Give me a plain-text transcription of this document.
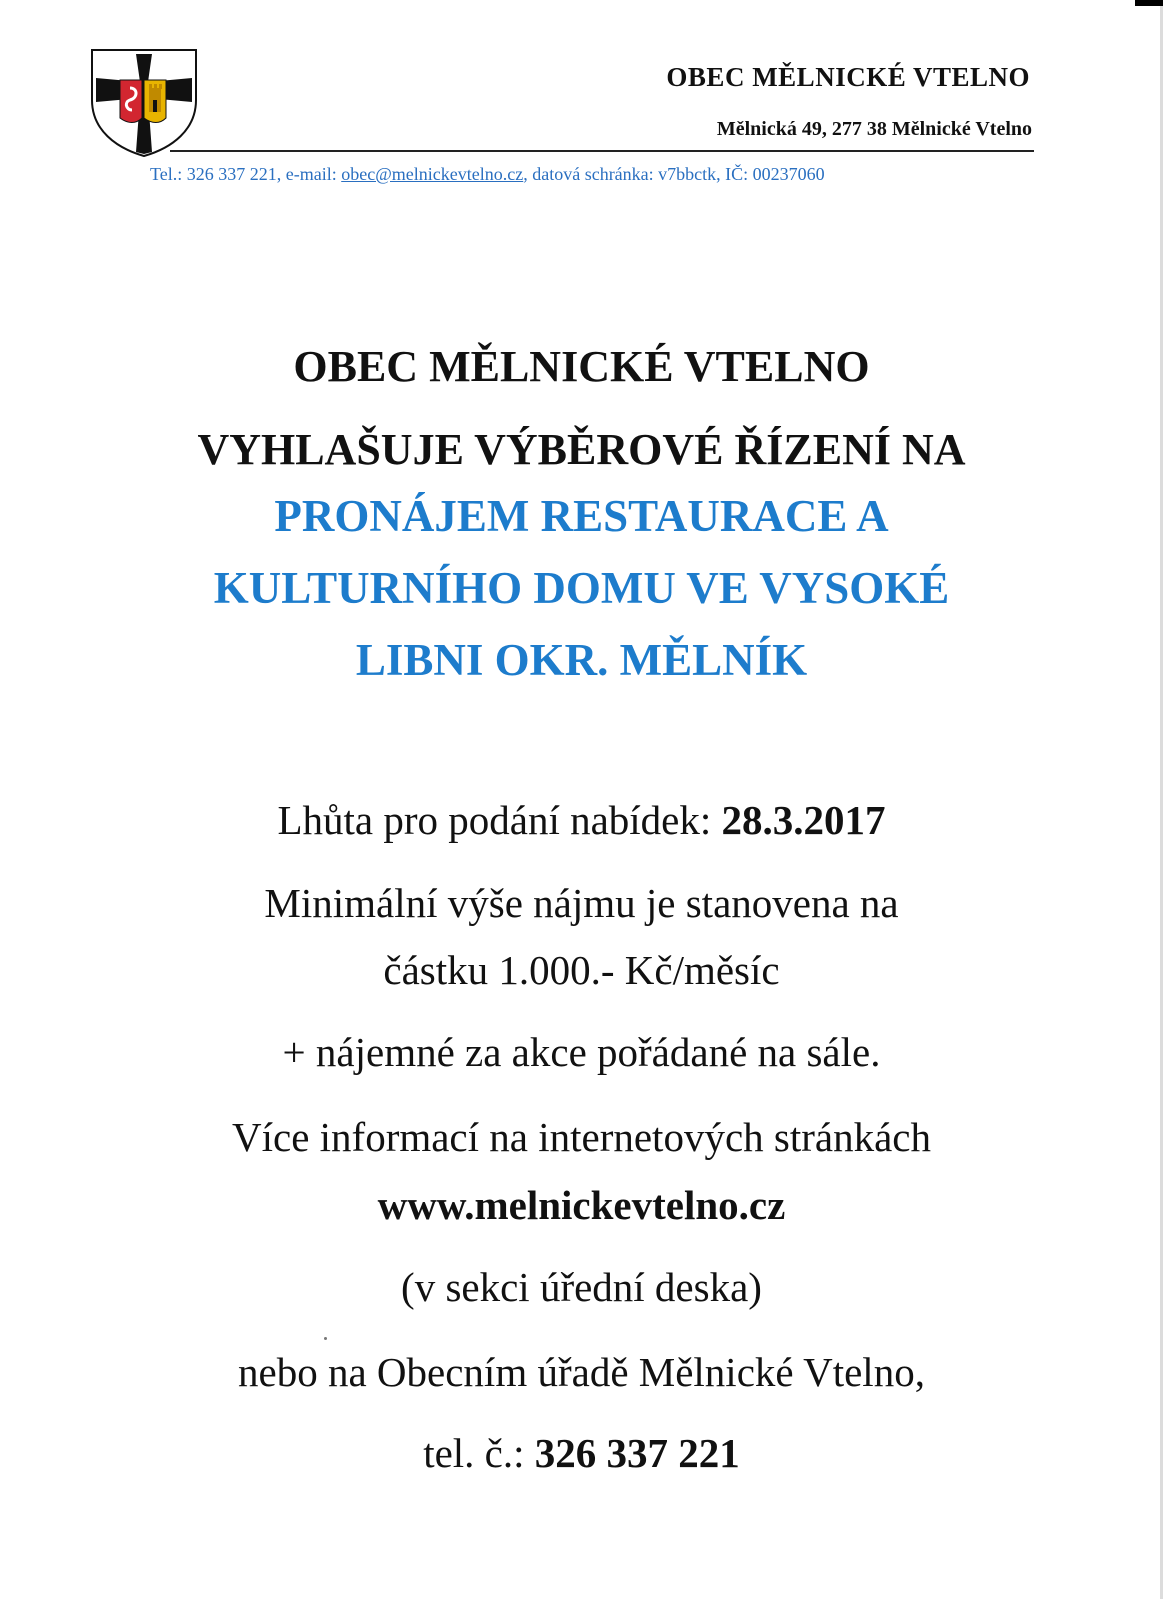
OBEC MĚLNICKÉ VTELNO
Mělnická 49, 277 38 Mělnické Vtelno
Tel.: 326 337 221, e-mail: obec@melnickevtelno.cz, datová schránka: v7bbctk, IČ: 00237060
OBEC MĚLNICKÉ VTELNO
VYHLAŠUJE VÝBĚROVÉ ŘÍZENÍ NA
PRONÁJEM RESTAURACE A
KULTURNÍHO DOMU VE VYSOKÉ
LIBNI OKR. MĚLNÍK
Lhůta pro podání nabídek: 28.3.2017
Minimální výše nájmu je stanovena na
částku 1.000.- Kč/měsíc
+ nájemné za akce pořádané na sále.
Více informací na internetových stránkách
www.melnickevtelno.cz
(v sekci úřední deska)
nebo na Obecním úřadě Mělnické Vtelno,
tel. č.: 326 337 221
